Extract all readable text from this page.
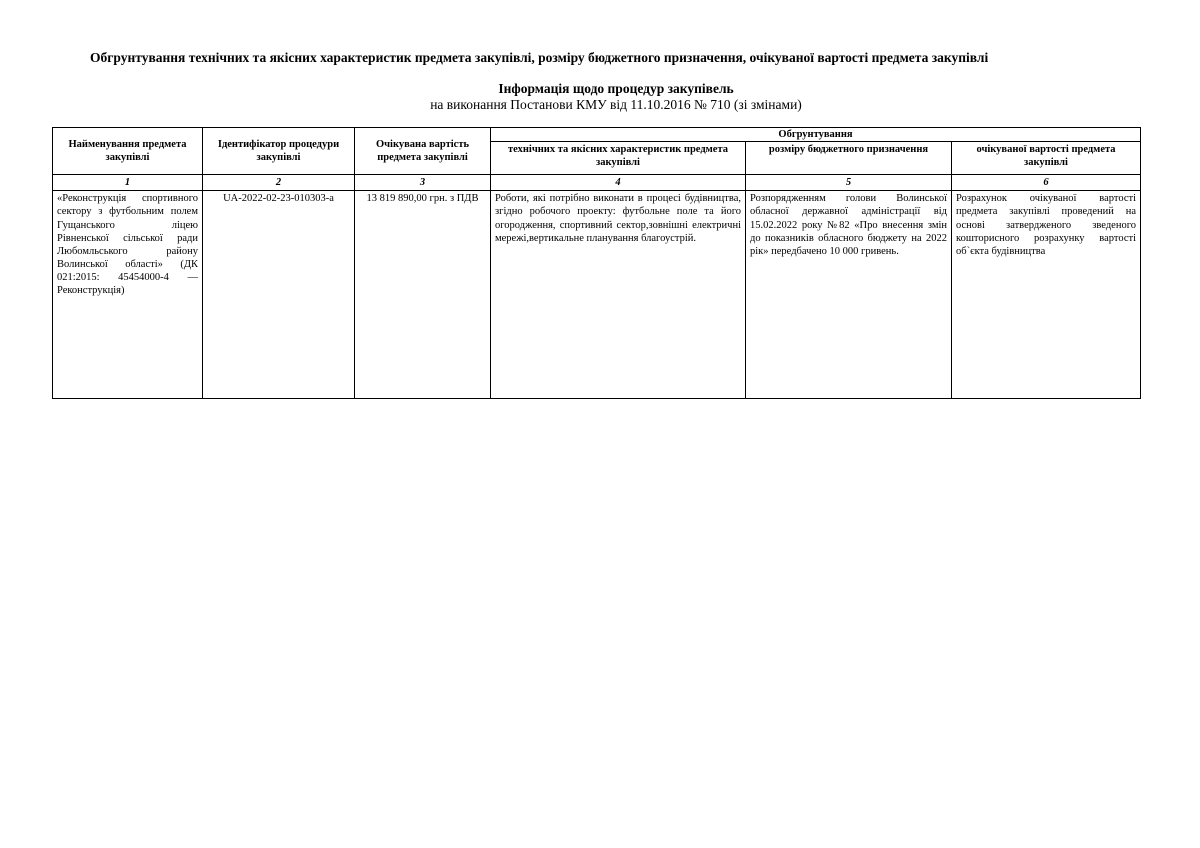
Обгрунтування технічних та якісних характеристик предмета закупівлі, розміру бюджетного призначення, очікуваної вартості предмета закупівлі
Інформація щодо процедур закупівель
на виконання Постанови КМУ від 11.10.2016 № 710 (зі змінами)
Найменування предмета закупівлі	Ідентифікатор процедури закупівлі	Очікувана вартість предмета закупівлі	Обгрунтування		
			технічних та якісних характеристик предмета закупівлі	розміру бюджетного призначення	очікуваної вартості предмета закупівлі
1	2	3	4	5	6
«Реконструкція спортивного сектору з футбольним полем Гущанського ліцею Рівненської сільської ради Любомльського району Волинської області» (ДК 021:2015: 45454000-4 — Реконструкція)	UA-2022-02-23-010303-a	13 819 890,00 грн. з ПДВ	Роботи, які потрібно виконати в процесі будівництва, згідно робочого проекту: футбольне поле та його огородження, спортивний сектор,зовнішні електричні мережі,вертикальне планування благоустрій.	Розпорядженням голови Волинської обласної державної адміністрації від 15.02.2022 року №82 «Про внесення змін до показників обласного бюджету на 2022 рік» передбачено 10 000 гривень.	Розрахунок очікуваної вартості предмета закупівлі проведений на основі затвердженого зведеного кошторисного розрахунку вартості об`єкта будівництва
